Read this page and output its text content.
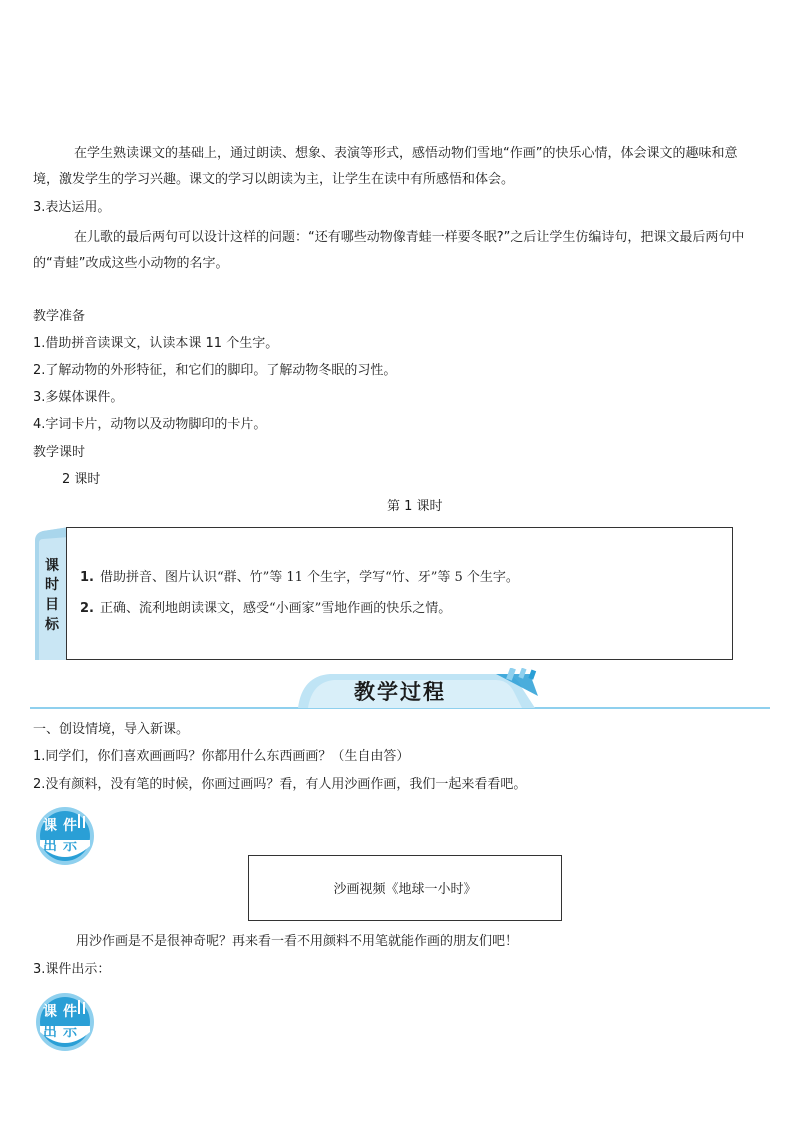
在学生熟读课文的基础上，通过朗读、想象、表演等形式，感悟动物们雪地“作画”的快乐心情，体会课文的趣味和意境，激发学生的学习兴趣。课文的学习以朗读为主，让学生在读中有所感悟和体会。
3.表达运用。
在儿歌的最后两句可以设计这样的问题：“还有哪些动物像青蛙一样要冬眠?”之后让学生仿编诗句，把课文最后两句中的“青蛙”改成这些小动物的名字。
教学准备
1.借助拼音读课文，认读本课 11 个生字。
2.了解动物的外形特征，和它们的脚印。了解动物冬眠的习性。
3.多媒体课件。
4.字词卡片，动物以及动物脚印的卡片。
教学课时
2 课时
第 1 课时
课
时
目
标
1. 借助拼音、图片认识“群、竹”等 11 个生字，学写“竹、牙”等 5 个生字。
2. 正确、流利地朗读课文，感受“小画家”雪地作画的快乐之情。
教学过程
一、创设情境，导入新课。
1.同学们，你们喜欢画画吗？你都用什么东西画画？（生自由答）
2.没有颜料，没有笔的时候，你画过画吗？看，有人用沙画作画，我们一起来看看吧。
课 件
出 示
沙画视频《地球一小时》
用沙作画是不是很神奇呢？再来看一看不用颜料不用笔就能作画的朋友们吧！
3.课件出示：
课 件
出 示
